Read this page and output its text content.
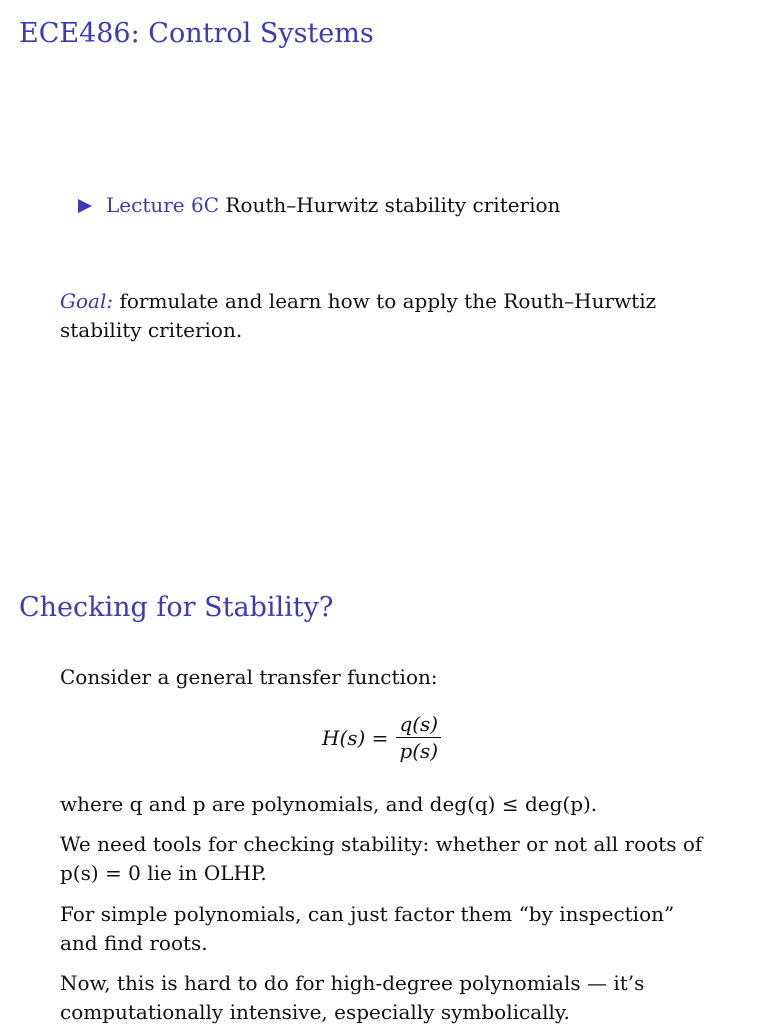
ECE486: Control Systems
Lecture 6C Routh–Hurwitz stability criterion

Goal: formulate and learn how to apply the Routh–Hurwtiz stability criterion.

Checking for Stability?

Consider a general transfer function:

$H(s) = \frac{q(s)}{p(s)}$

where q and p are polynomials, and deg(q) ≤ deg(p).

We need tools for checking stability: whether or not all roots of p(s) = 0 lie in OLHP.

For simple polynomials, can just factor them “by inspection” and find roots.

Now, this is hard to do for high-degree polynomials — it’s computationally intensive, especially symbolically.
